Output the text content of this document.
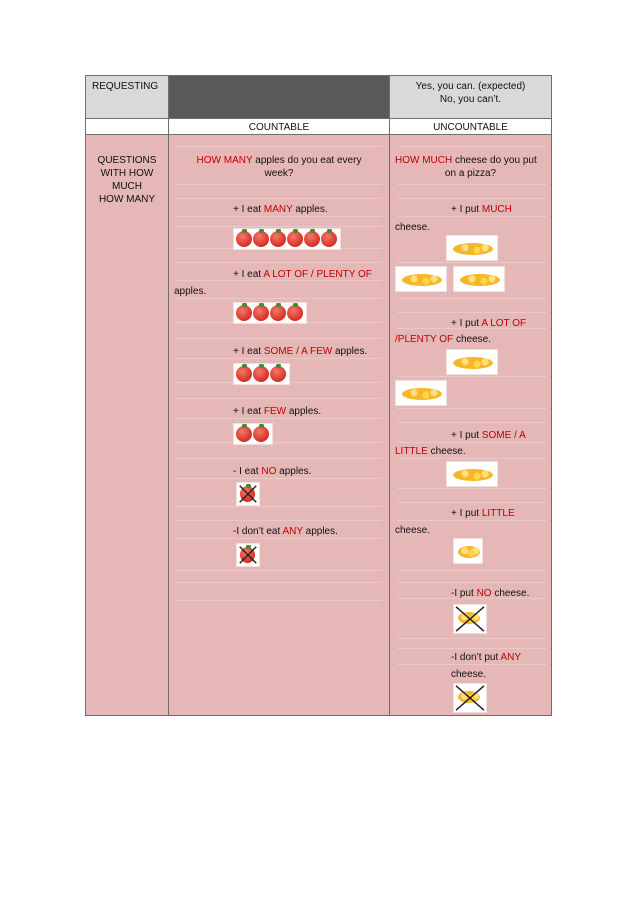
REQUESTING	Yes, you can. (expected)
No, you can’t.
COUNTABLE	UNCOUNTABLE
QUESTIONS
WITH HOW
MUCH
HOW MANY
HOW MANY apples do you eat every
week?
+ I eat MANY apples.
+ I eat A LOT OF / PLENTY OF
apples.
+ I eat SOME / A FEW apples.
+ I eat FEW apples.
- I eat NO apples.
-I don’t eat ANY apples.
HOW MUCH cheese do you put
on a pizza?
+ I put MUCH
cheese.
+ I put A LOT OF
/PLENTY OF cheese.
+ I put SOME / A
LITTLE cheese.
+ I put LITTLE
cheese.
-I put NO cheese.
-I don’t put ANY
cheese.
